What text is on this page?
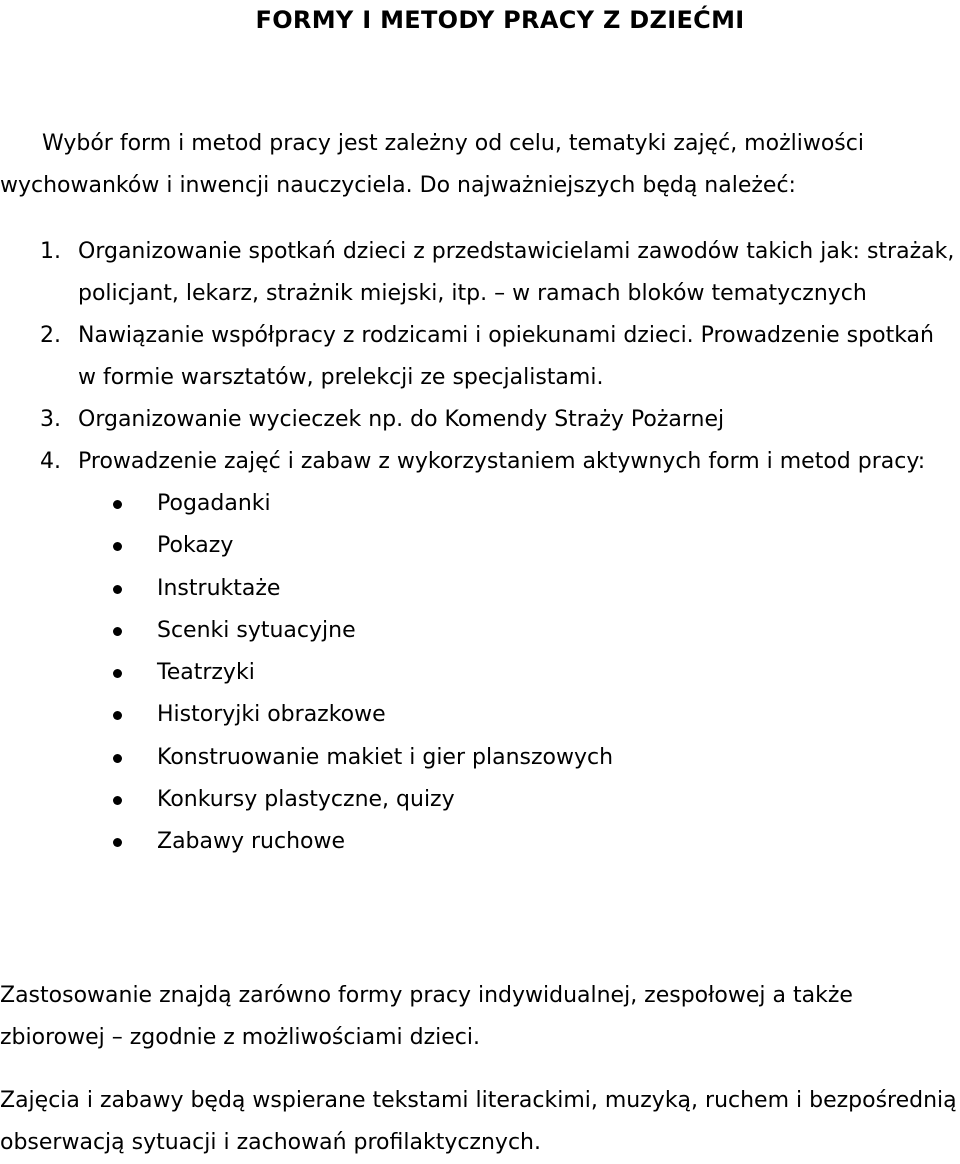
FORMY I METODY PRACY Z DZIEĆMI
Wybór form i metod pracy jest zależny od celu, tematyki zajęć, możliwości
wychowanków i inwencji nauczyciela. Do najważniejszych będą należeć:
1. Organizowanie spotkań dzieci z przedstawicielami zawodów takich jak: strażak, policjant, lekarz, strażnik miejski, itp. – w ramach bloków tematycznych
2. Nawiązanie współpracy z rodzicami i opiekunami dzieci. Prowadzenie spotkań w formie warsztatów, prelekcji ze specjalistami.
3. Organizowanie wycieczek np. do Komendy Straży Pożarnej
4. Prowadzenie zajęć i zabaw z wykorzystaniem aktywnych form i metod pracy:
Pogadanki
Pokazy
Instruktaże
Scenki sytuacyjne
Teatrzyki
Historyjki obrazkowe
Konstruowanie makiet i gier planszowych
Konkursy plastyczne, quizy
Zabawy ruchowe

Zastosowanie znajdą zarówno formy pracy indywidualnej, zespołowej a także zbiorowej – zgodnie z możliwościami dzieci.

Zajęcia i zabawy będą wspierane tekstami literackimi, muzyką, ruchem i bezpośrednią obserwacją sytuacji i zachowań profilaktycznych.
